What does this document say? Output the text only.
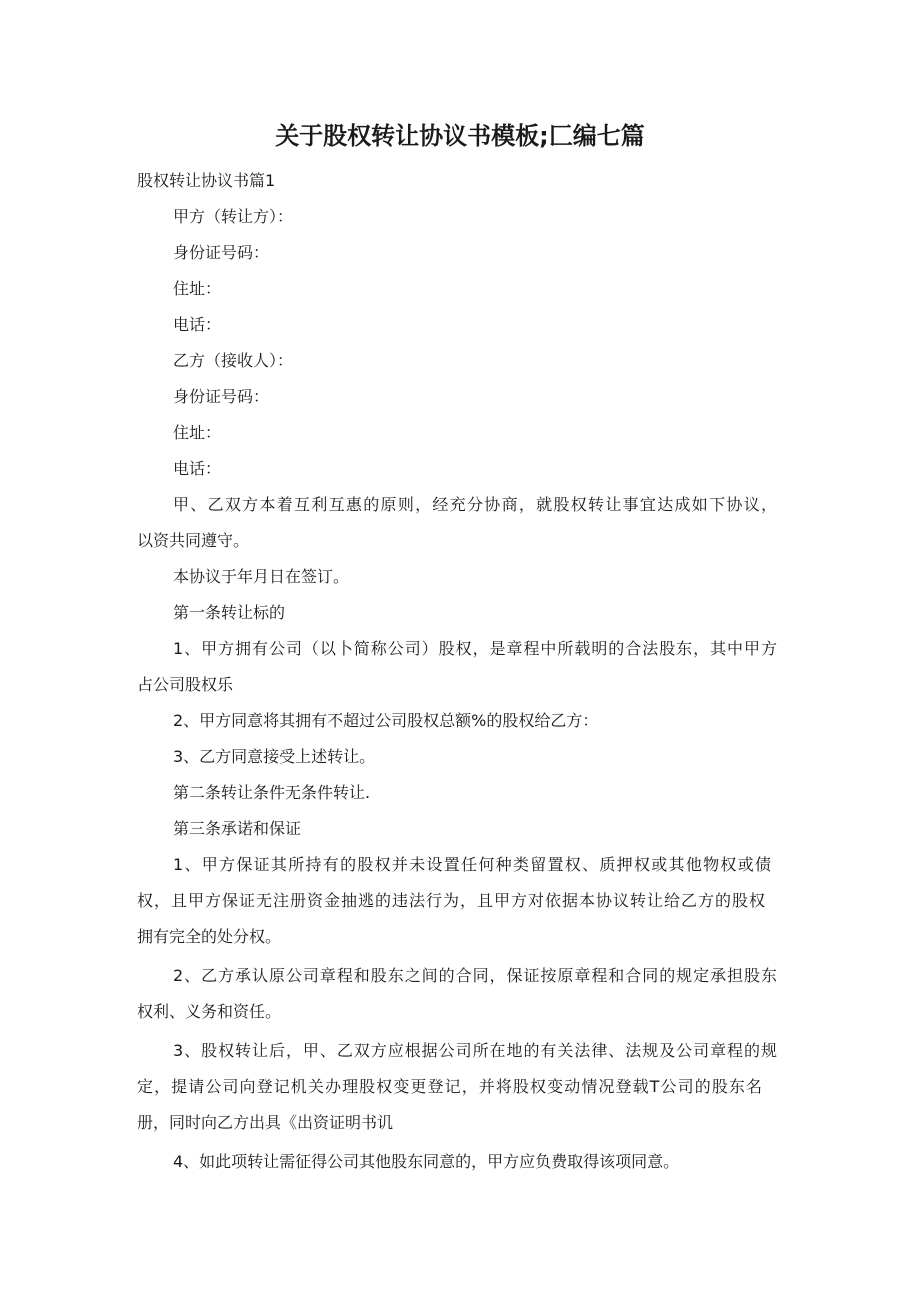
关于股权转让协议书模板;匚编七篇
股权转让协议书篇1
甲方（转让方）：
身份证号码：
住址：
电话：
乙方（接收人）：
身份证号码：
住址：
电话：
甲、乙双方本着互利互惠的原则，经充分协商，就股权转让事宜达成如下协议，
以资共同遵守。
本协议于年月日在签订。
第一条转让标的
1、甲方拥有公司（以卜简称公司）股权，是章程中所载明的合法股东，其中甲方
占公司股权乐
2、甲方同意将其拥有不超过公司股权总额%的股权给乙方：
3、乙方同意接受上述转让。
第二条转让条件无条件转让.
第三条承诺和保证
1、甲方保证其所持有的股权并未设置任何种类留置权、质押权或其他物权或债
权，且甲方保证无注册资金抽逃的违法行为，且甲方对依据本协议转让给乙方的股权
拥有完全的处分权。
2、乙方承认原公司章程和股东之间的合同，保证按原章程和合同的规定承担股东
权利、义务和资任。
3、股权转让后，甲、乙双方应根据公司所在地的有关法律、法规及公司章程的规
定，提请公司向登记机关办理股权变更登记，并将股权变动情况登载T公司的股东名
册，同时向乙方出具《出资证明书讥
4、如此项转让需征得公司其他股东同意的，甲方应负费取得该项同意。
